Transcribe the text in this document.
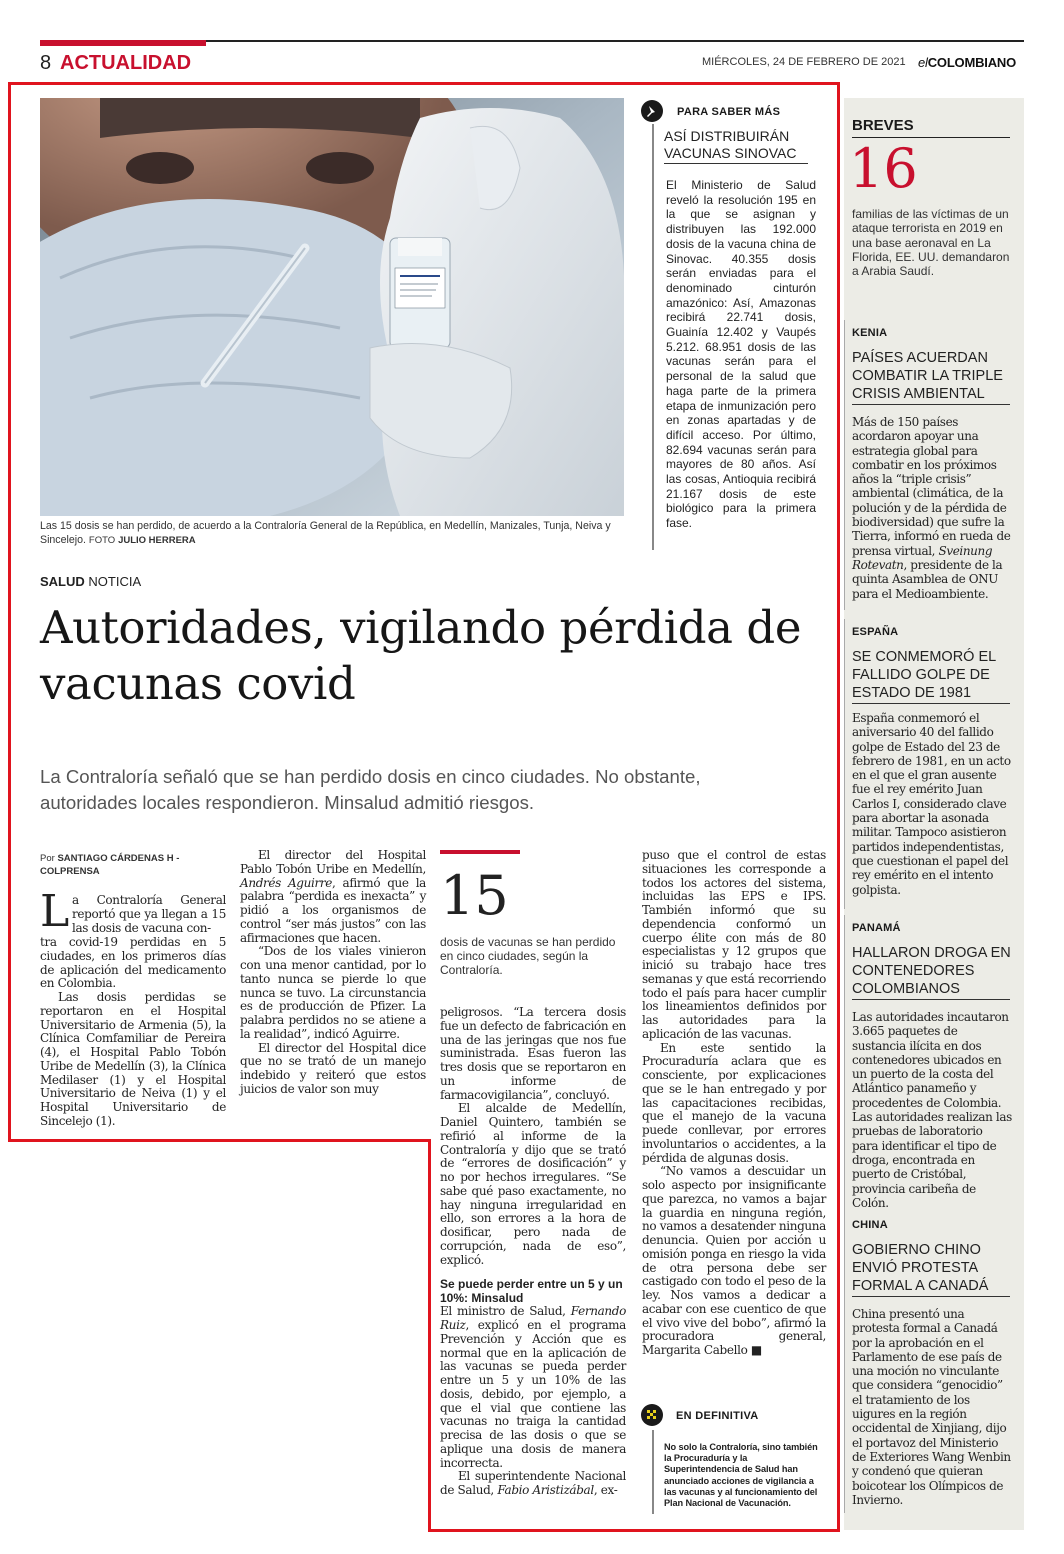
8 ACTUALIDAD	MIÉRCOLES, 24 DE FEBRERO DE 2021 elCOLOMBIANO
Las 15 dosis se han perdido, de acuerdo a la Contraloría General de la República, en Medellín, Manizales, Tunja, Neiva y Sincelejo. FOTO JULIO HERRERA
PARA SABER MÁS
ASÍ DISTRIBUIRÁN VACUNAS SINOVAC
El Ministerio de Salud reveló la resolución 195 en la que se asignan y distribuyen las 192.000 dosis de la vacuna china de Sinovac. 40.355 dosis serán enviadas para el denominado cinturón amazónico: Así, Amazonas recibirá 22.741 dosis, Guainía 12.402 y Vaupés 5.212. 68.951 dosis de las vacunas serán para el personal de la salud que haga parte de la primera etapa de inmunización pero en zonas apartadas y de difícil acceso. Por último, 82.694 vacunas serán para mayores de 80 años. Así las cosas, Antioquia recibirá 21.167 dosis de este biológico para la primera fase.
SALUD NOTICIA
Autoridades, vigilando pérdida de vacunas covid
La Contraloría señaló que se han perdido dosis en cinco ciudades. No obstante, autoridades locales respondieron. Minsalud admitió riesgos.
Por SANTIAGO CÁRDENAS H - COLPRENSA
L a Contraloría General reportó que ya llegan a 15 las dosis de vacuna con-

tra covid-19 perdidas en 5 ciudades, en los primeros días de aplicación del medicamento en Colombia.

Las dosis perdidas se reportaron en el Hospital Universitario de Armenia (5), la Clínica Comfamiliar de Pereira (4), el Hospital Pablo Tobón Uribe de Medellín (3), la Clínica Medilaser (1) y el Hospital Universitario de Neiva (1) y el Hospital Universitario de Sincelejo (1).

El director del Hospital Pablo Tobón Uribe en Medellín, Andrés Aguirre, afirmó que la palabra “perdida es inexacta” y pidió a los organismos de control “ser más justos” con las afirmaciones que hacen.

“Dos de los viales vinieron con una menor cantidad, por lo tanto nunca se pierde lo que nunca se tuvo. La circunstancia es de producción de Pfizer. La palabra perdidos no se atiene a la realidad”, indicó Aguirre.

El director del Hospital dice que no se trató de un manejo indebido y reiteró que estos juicios de valor son muy

15
dosis de vacunas se han perdido en cinco ciudades, según la Contraloría.

peligrosos. “La tercera dosis fue un defecto de fabricación en una de las jeringas que nos fue suministrada. Esas fueron las tres dosis que se reportaron en un informe de farmacovigilancia”, concluyó.

El alcalde de Medellín, Daniel Quintero, también se refirió al informe de la Contraloría y dijo que se trató de “errores de dosificación” y no por hechos irregulares. “Se sabe qué paso exactamente, no hay ninguna irregularidad en ello, son errores a la hora de dosificar, pero nada de corrupción, nada de eso”, explicó.

Se puede perder entre un 5 y un 10%: Minsalud

El ministro de Salud, Fernando Ruiz, explicó en el programa Prevención y Acción que es normal que en la aplicación de las vacunas se pueda perder entre un 5 y un 10% de las dosis, debido, por ejemplo, a que el vial que contiene las vacunas no traiga la cantidad precisa de las dosis o que se aplique una dosis de manera incorrecta.

El superintendente Nacional de Salud, Fabio Aristizábal, ex-

puso que el control de estas situaciones les corresponde a todos los actores del sistema, incluidas las EPS e IPS. También informó que su dependencia conformó un cuerpo élite con más de 80 especialistas y 12 grupos que inició su trabajo hace tres semanas y que está recorriendo todo el país para hacer cumplir los lineamientos definidos por las autoridades para la aplicación de las vacunas.

En este sentido la Procuraduría aclara que es consciente, por explicaciones que se le han entregado y por las capacitaciones recibidas, que el manejo de la vacuna puede conllevar, por errores involuntarios o accidentes, a la pérdida de algunas dosis.

“No vamos a descuidar un solo aspecto por insignificante que parezca, no vamos a bajar la guardia en ninguna región, no vamos a desatender ninguna denuncia. Quien por acción u omisión ponga en riesgo la vida de otra persona debe ser castigado con todo el peso de la ley. Nos vamos a dedicar a acabar con ese cuentico de que el vivo vive del bobo”, afirmó la procuradora general, Margarita Cabello ■

EN DEFINITIVA
No solo la Contraloría, sino también la Procuraduría y la Superintendencia de Salud han anunciado acciones de vigilancia a las vacunas y al funcionamiento del Plan Nacional de Vacunación.
BREVES
16
familias de las víctimas de un ataque terrorista en 2019 en una base aeronaval en La Florida, EE. UU. demandaron a Arabia Saudí.
KENIA
PAÍSES ACUERDAN COMBATIR LA TRIPLE CRISIS AMBIENTAL
Más de 150 países acordaron apoyar una estrategia global para combatir en los próximos años la “triple crisis” ambiental (climática, de la polución y de la pérdida de biodiversidad) que sufre la Tierra, informó en rueda de prensa virtual, Sveinung Rotevatn, presidente de la quinta Asamblea de ONU para el Medioambiente.
ESPAÑA
SE CONMEMORÓ EL FALLIDO GOLPE DE ESTADO DE 1981
España conmemoró el aniversario 40 del fallido golpe de Estado del 23 de febrero de 1981, en un acto en el que el gran ausente fue el rey emérito Juan Carlos I, considerado clave para abortar la asonada militar. Tampoco asistieron partidos independentistas, que cuestionan el papel del rey emérito en el intento golpista.
PANAMÁ
HALLARON DROGA EN CONTENEDORES COLOMBIANOS
Las autoridades incautaron 3.665 paquetes de sustancia ilícita en dos contenedores ubicados en un puerto de la costa del Atlántico panameño y procedentes de Colombia. Las autoridades realizan las pruebas de laboratorio para identificar el tipo de droga, encontrada en puerto de Cristóbal, provincia caribeña de Colón.
CHINA
GOBIERNO CHINO ENVIÓ PROTESTA FORMAL A CANADÁ
China presentó una protesta formal a Canadá por la aprobación en el Parlamento de ese país de una moción no vinculante que considera “genocidio” el tratamiento de los uigures en la región occidental de Xinjiang, dijo el portavoz del Ministerio de Exteriores Wang Wenbin y condenó que quieran boicotear los Olímpicos de Invierno.
